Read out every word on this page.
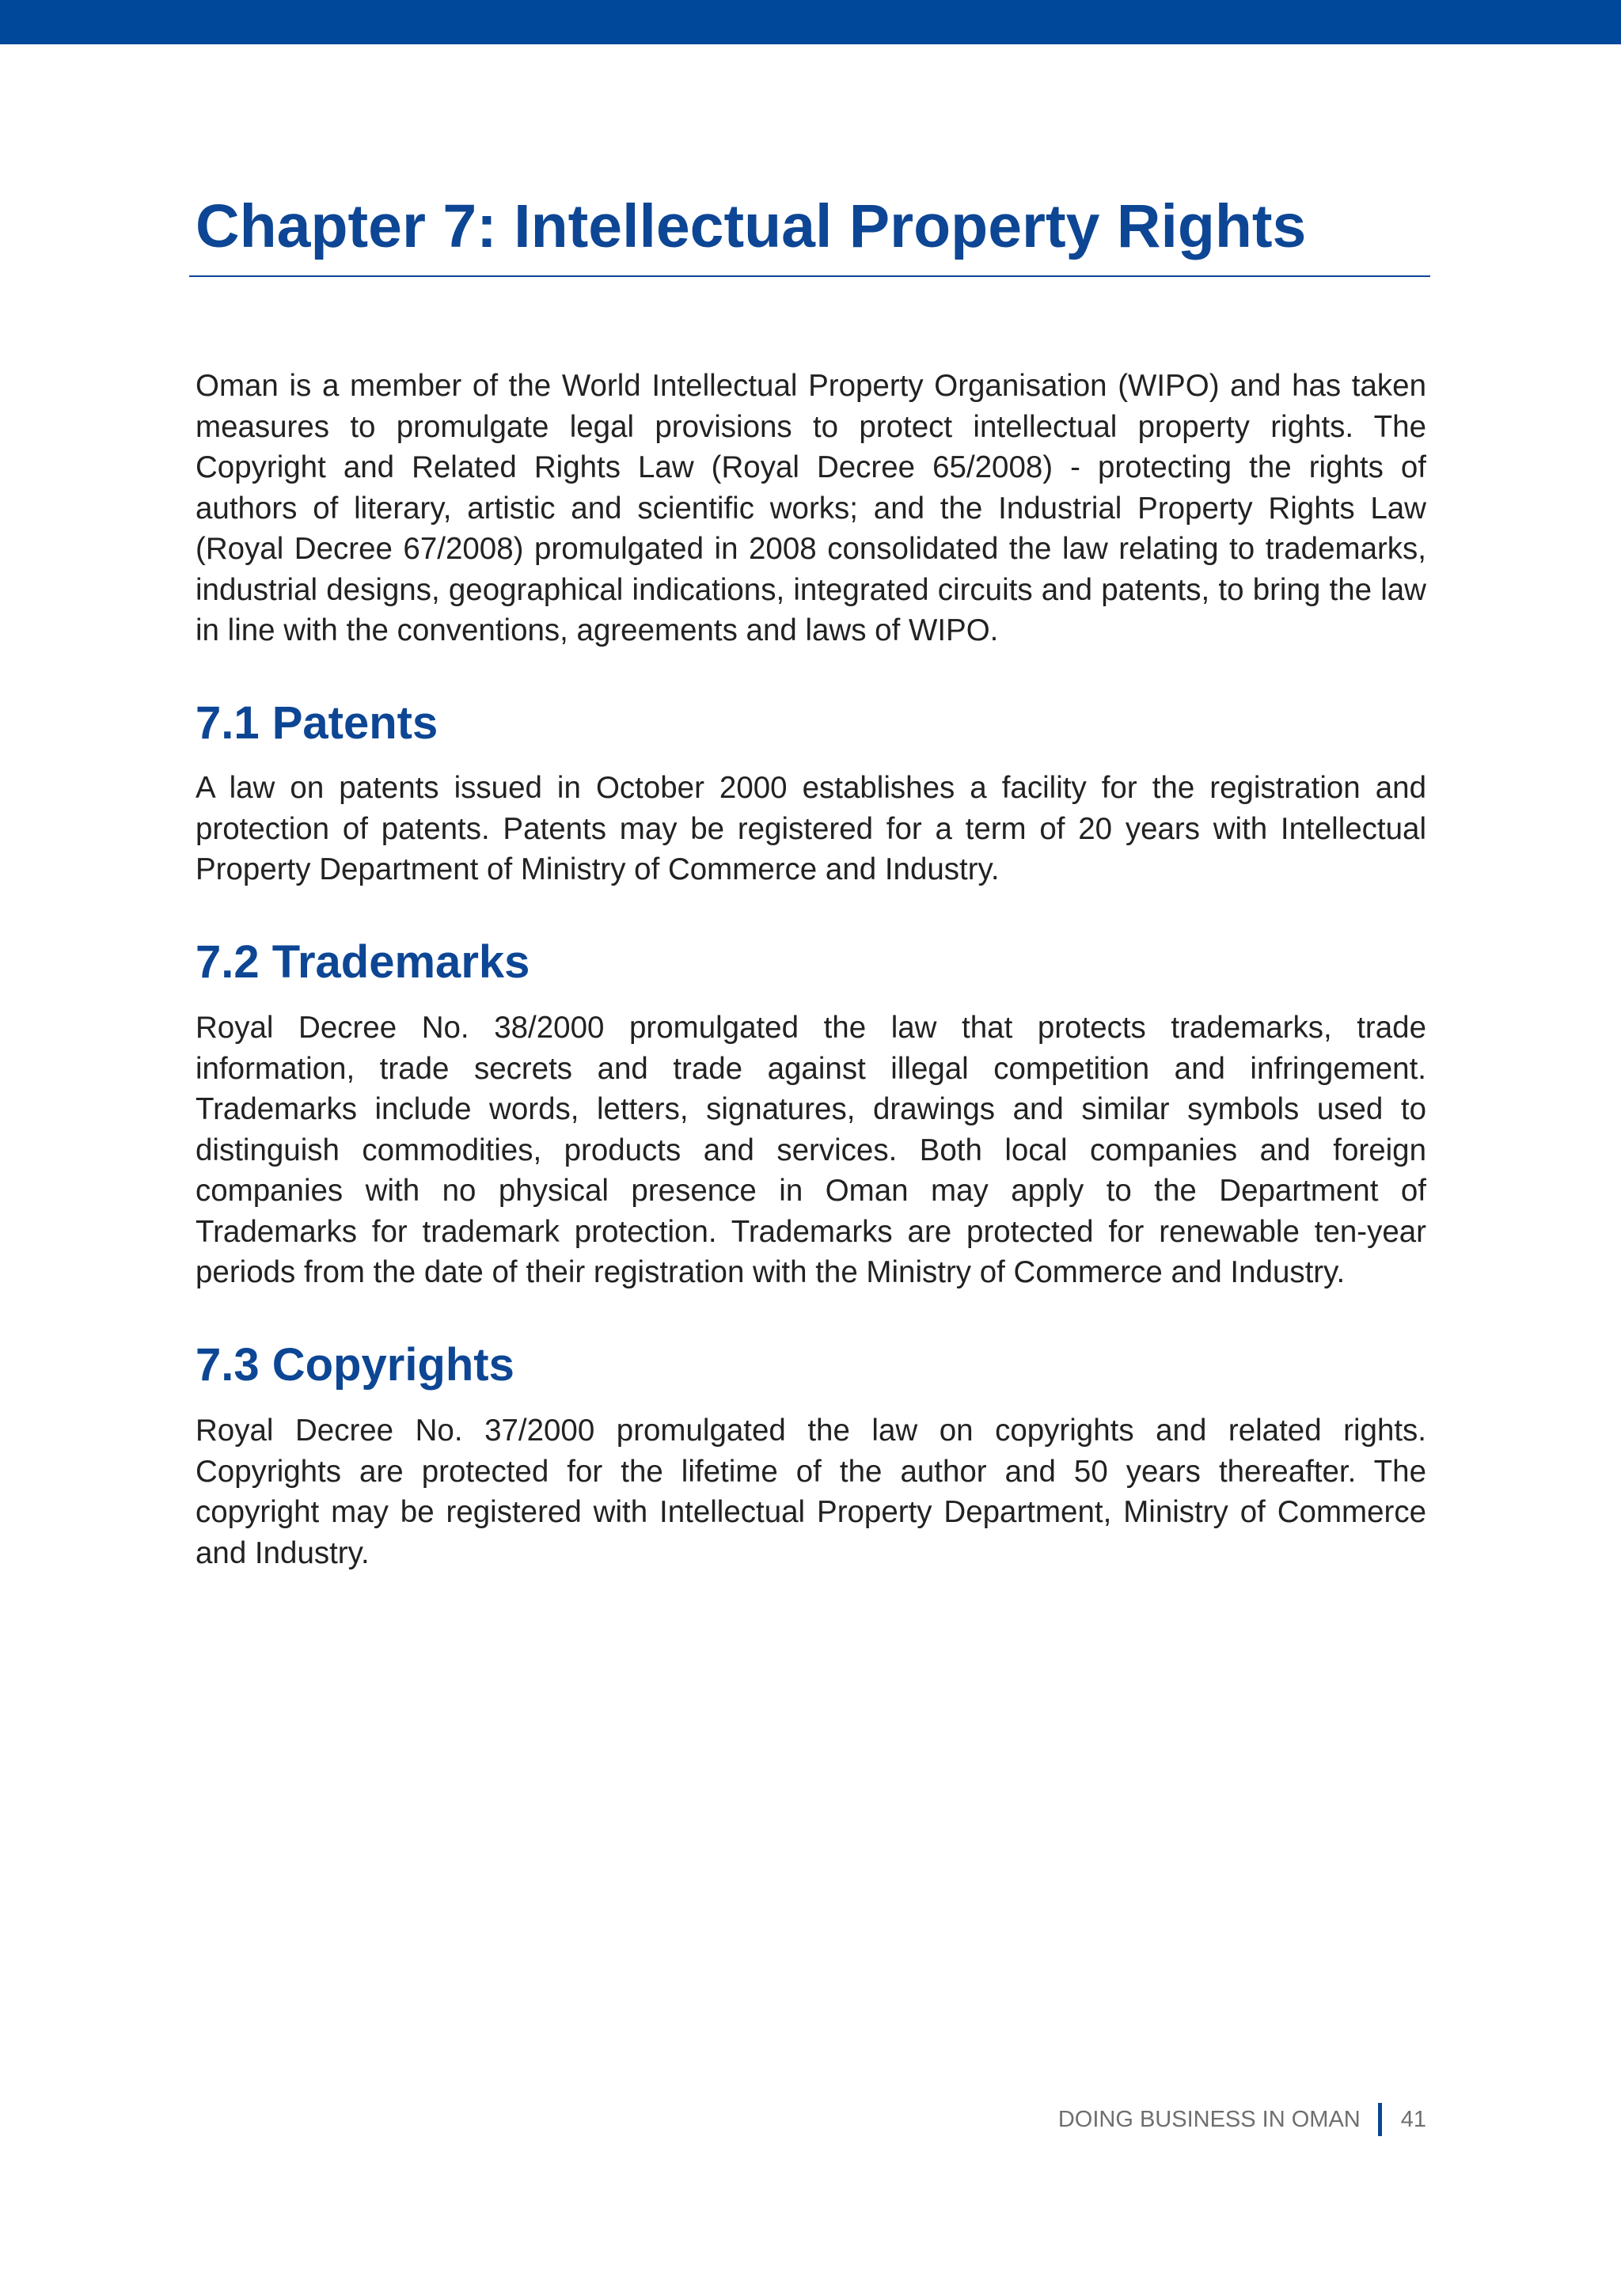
Chapter 7: Intellectual Property Rights

Oman is a member of the World Intellectual Property Organisation (WIPO) and has taken measures to promulgate legal provisions to protect intellectual property rights. The Copyright and Related Rights Law (Royal Decree 65/2008) - protecting the rights of authors of literary, artistic and scientific works; and the Industrial Property Rights Law (Royal Decree 67/2008) promulgated in 2008 consolidated the law relating to trademarks, industrial designs, geographical indications, integrated circuits and patents, to bring the law in line with the conventions, agreements and laws of WIPO.

7.1 Patents

A law on patents issued in October 2000 establishes a facility for the registration and protection of patents. Patents may be registered for a term of 20 years with Intellectual Property Department of Ministry of Commerce and Industry.

7.2 Trademarks

Royal Decree No. 38/2000 promulgated the law that protects trademarks, trade information, trade secrets and trade against illegal competition and infringement. Trademarks include words, letters, signatures, drawings and similar symbols used to distinguish commodities, products and services. Both local companies and foreign companies with no physical presence in Oman may apply to the Department of Trademarks for trademark protection. Trademarks are protected for renewable ten-year periods from the date of their registration with the Ministry of Commerce and Industry.

7.3 Copyrights

Royal Decree No. 37/2000 promulgated the law on copyrights and related rights. Copyrights are protected for the lifetime of the author and 50 years thereafter. The copyright may be registered with Intellectual Property Department, Ministry of Commerce and Industry.

DOING BUSINESS IN OMAN 41
